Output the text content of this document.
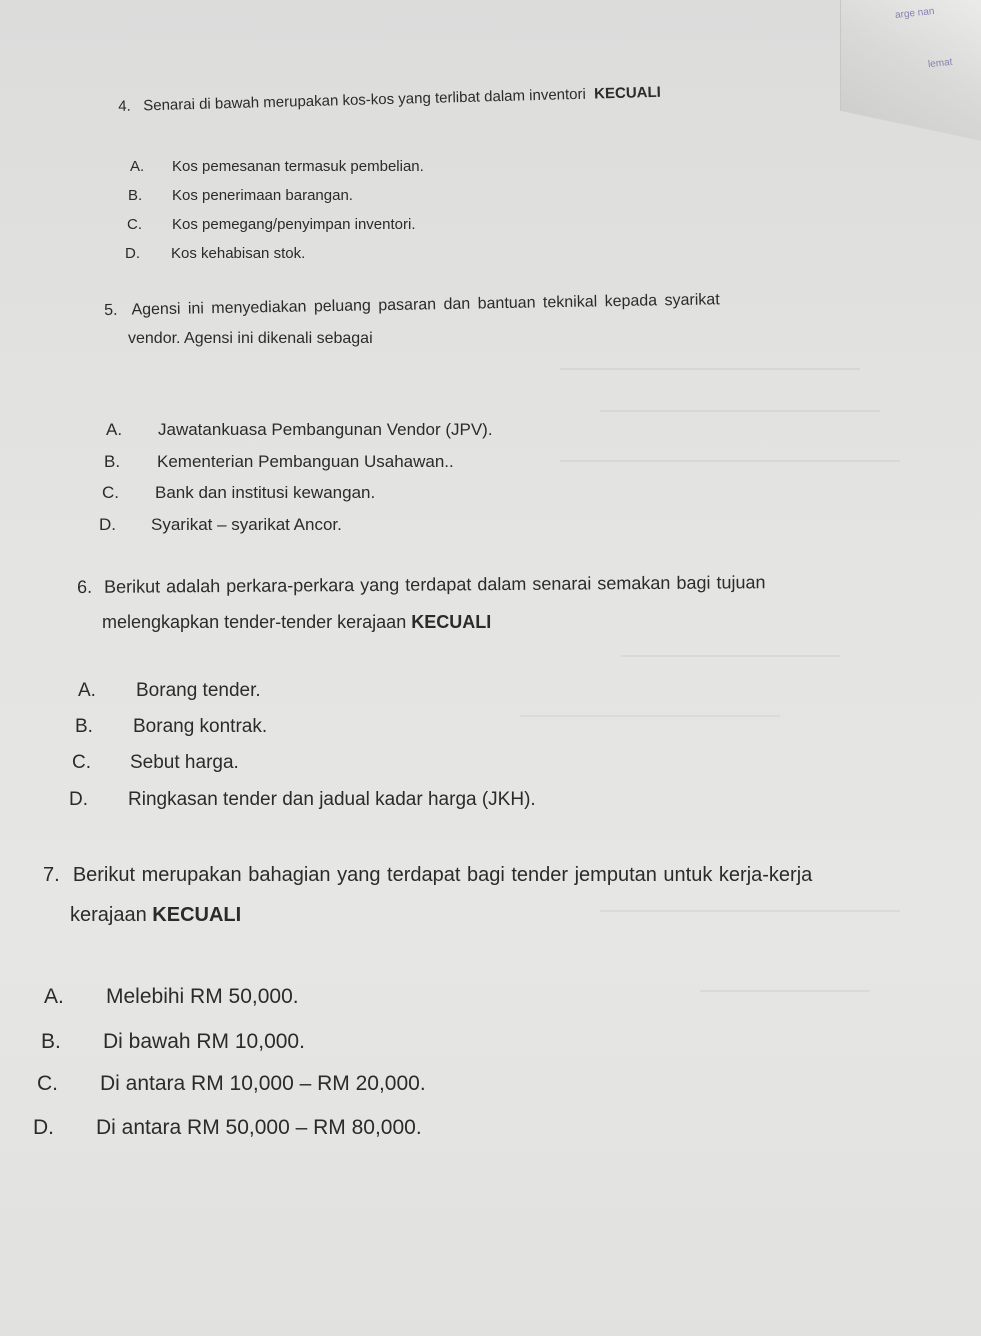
arge nan
lemat
4. Senarai di bawah merupakan kos-kos yang terlibat dalam inventori KECUALI
A. Kos pemesanan termasuk pembelian.
B. Kos penerimaan barangan.
C. Kos pemegang/penyimpan inventori.
D. Kos kehabisan stok.
5. Agensi ini menyediakan peluang pasaran dan bantuan teknikal kepada syarikat
vendor. Agensi ini dikenali sebagai
A. Jawatankuasa Pembangunan Vendor (JPV).
B. Kementerian Pembanguan Usahawan..
C. Bank dan institusi kewangan.
D. Syarikat – syarikat Ancor.
6. Berikut adalah perkara-perkara yang terdapat dalam senarai semakan bagi tujuan
melengkapkan tender-tender kerajaan KECUALI
A. Borang tender.
B. Borang kontrak.
C. Sebut harga.
D. Ringkasan tender dan jadual kadar harga (JKH).
7. Berikut merupakan bahagian yang terdapat bagi tender jemputan untuk kerja-kerja
kerajaan KECUALI
A. Melebihi RM 50,000.
B. Di bawah RM 10,000.
C. Di antara RM 10,000 – RM 20,000.
D. Di antara RM 50,000 – RM 80,000.
